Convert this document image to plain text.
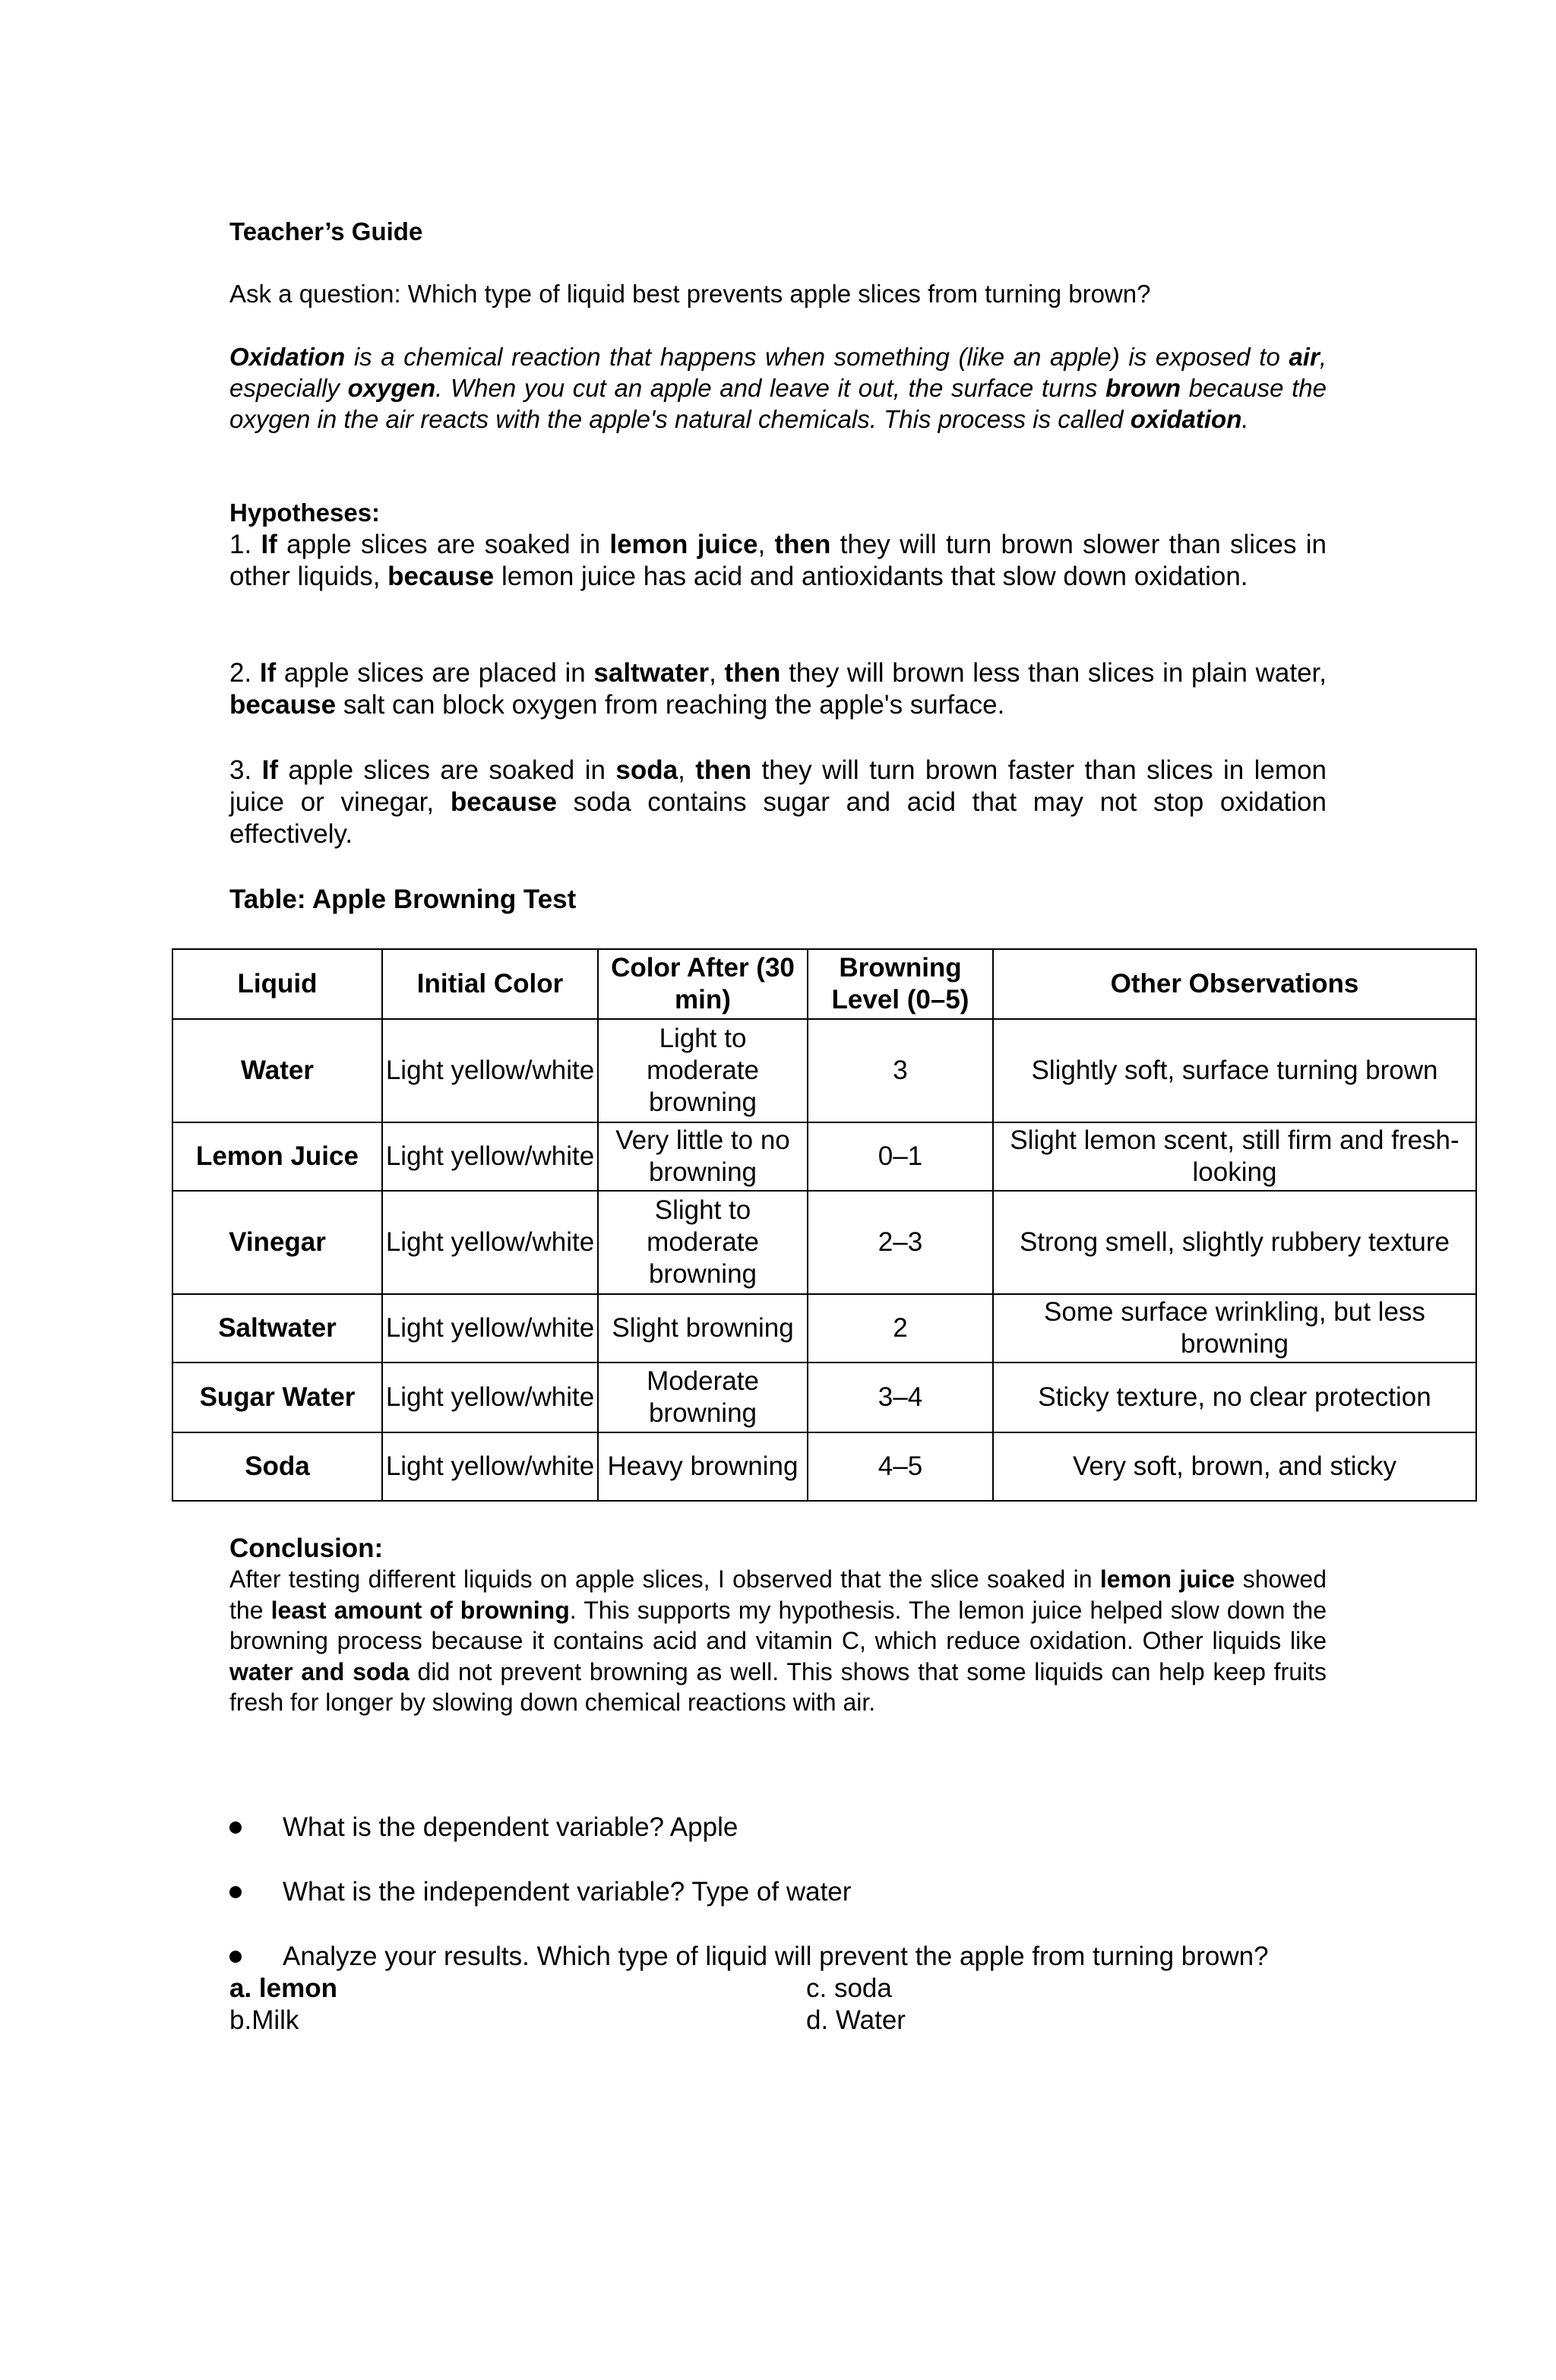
Teacher’s Guide
Ask a question: Which type of liquid best prevents apple slices from turning brown?
Oxidation is a chemical reaction that happens when something (like an apple) is exposed to air, especially oxygen. When you cut an apple and leave it out, the surface turns brown because the oxygen in the air reacts with the apple's natural chemicals. This process is called oxidation.
Hypotheses:
1. If apple slices are soaked in lemon juice, then they will turn brown slower than slices in other liquids, because lemon juice has acid and antioxidants that slow down oxidation.
2. If apple slices are placed in saltwater, then they will brown less than slices in plain water, because salt can block oxygen from reaching the apple's surface.
3. If apple slices are soaked in soda, then they will turn brown faster than slices in lemon juice or vinegar, because soda contains sugar and acid that may not stop oxidation effectively.
Table: Apple Browning Test
Liquid	Initial Color	Color After (30 min)	Browning Level (0–5)	Other Observations
Water	Light yellow/white	Light to moderate browning	3	Slightly soft, surface turning brown
Lemon Juice	Light yellow/white	Very little to no browning	0–1	Slight lemon scent, still firm and fresh-looking
Vinegar	Light yellow/white	Slight to moderate browning	2–3	Strong smell, slightly rubbery texture
Saltwater	Light yellow/white	Slight browning	2	Some surface wrinkling, but less browning
Sugar Water	Light yellow/white	Moderate browning	3–4	Sticky texture, no clear protection
Soda	Light yellow/white	Heavy browning	4–5	Very soft, brown, and sticky
Conclusion:
After testing different liquids on apple slices, I observed that the slice soaked in lemon juice showed the least amount of browning. This supports my hypothesis. The lemon juice helped slow down the browning process because it contains acid and vitamin C, which reduce oxidation. Other liquids like water and soda did not prevent browning as well. This shows that some liquids can help keep fruits fresh for longer by slowing down chemical reactions with air.
What is the dependent variable? Apple
What is the independent variable? Type of water
Analyze your results. Which type of liquid will prevent the apple from turning brown?
a. lemon	c. soda
b.Milk	d. Water
